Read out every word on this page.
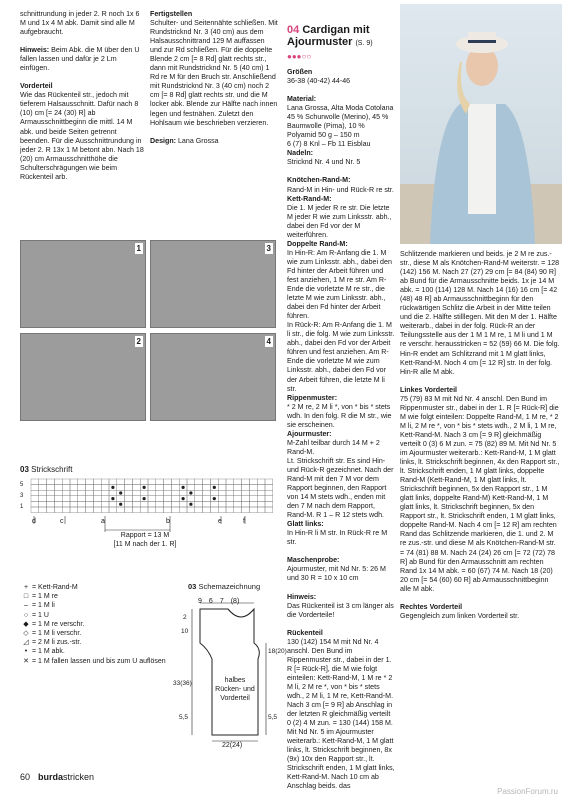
schnittrundung in jeder 2. R noch 1x 6 M und 1x 4 M abk. Damit sind alle M aufgebraucht.

Hinweis: Beim Abk. die M über den U fallen lassen und dafür je 2 Lm einfügen.

Vorderteil

Wie das Rückenteil str., jedoch mit tieferem Halsausschnitt. Dafür nach 8 (10) cm [= 24 (30) R] ab Armausschnittbeginn die mittl. 14 M abk. und beide Seiten getrennt beenden. Für die Ausschnittrundung in jeder 2. R 13x 1 M betont abn. Nach 18 (20) cm Armausschnitthöhe die Schulterschrägungen wie beim Rückenteil arb.

Fertigstellen

Schulter- und Seitennähte schließen. Mit Rundstricknd Nr. 3 (40 cm) aus dem Halsausschnittrand 129 M auffassen und zur Rd schließen. Für die doppelte Blende 2 cm [= 8 Rd] glatt rechts str., dann mit Rundstricknd Nr. 5 (40 cm) 1 Rd re M für den Bruch str. Anschließend mit Rundstricknd Nr. 3 (40 cm) noch 2 cm [= 8 Rd] glatt rechts str. und die M locker abk. Blende zur Hälfte nach innen legen und festnähen. Zuletzt den Hohlsaum wie beschrieben verzieren.

Design: Lana Grossa

1	3
2	4
03 Strickschrift
5
3
1
d	c	a	b	e	f
Rapport = 13 M
[11 M nach der 1. R]
+ = Kett-Rand-M
□ = 1 M re
– = 1 M li
○ = 1 U
◆ = 1 M re verschr.
◇ = 1 M li verschr.
◿ = 2 M li zus.-str.
• = 1 M abk.
✕ = 1 M fallen lassen und bis zum U auflösen
03 Schemazeichnung
9 6 7 (8)
2
10
33(36)
5,5
18(20)
5,5
halbes
Rücken- und
Vorderteil
22(24)
04 Cardigan mit Ajourmuster (S. 9)
●●●○○
Größen

36-38 (40-42) 44-46

Material:
Lana Grossa, Alta Moda Cotolana 45 % Schurwolle (Merino), 45 % Baumwolle (Pima), 10 % Polyamid 50 g – 150 m
6 (7) 8 Knl – Fb 11 Eisblau
Nadeln:

Stricknd Nr. 4 und Nr. 5

Knötchen-Rand-M:
Rand-M in Hin- und Rück-R re str.
Kett-Rand-M:
Die 1. M jeder R re str. Die letzte M jeder R wie zum Linksstr. abh., dabei den Fd vor der M weiterführen.
Doppelte Rand-M:
In Hin-R: Am R-Anfang die 1. M wie zum Linksstr. abh., dabei den Fd hinter der Arbeit führen und fest anziehen, 1 M re str. Am R-Ende die vorletzte M re str., die letzte M wie zum Linksstr. abh., dabei den Fd hinter der Arbeit führen.
In Rück-R: Am R-Anfang die 1. M li str., die folg. M wie zum Linksstr. abh., dabei den Fd vor der Arbeit führen und fest anziehen. Am R-Ende die vorletzte M wie zum Linksstr. abh., dabei den Fd vor der Arbeit führen, die letzte M li str.
Rippenmuster:
* 2 M re, 2 M li *, von * bis * stets wdh. In den folg. R die M str., wie sie erscheinen.
Ajourmuster:
M-Zahl teilbar durch 14 M + 2 Rand-M.
Lt. Strickschrift str. Es sind Hin- und Rück-R gezeichnet. Nach der Rand-M mit den 7 M vor dem Rapport beginnen, den Rapport von 14 M stets wdh., enden mit den 7 M nach dem Rapport, Rand-M. R 1 – R 12 stets wdh.
Glatt links:
In Hin-R li M str. In Rück-R re M str.
Maschenprobe:
Ajourmuster, mit Nd Nr. 5: 26 M und 30 R = 10 x 10 cm
Hinweis:
Das Rückenteil ist 3 cm länger als die Vorderteile!
Rückenteil
130 (142) 154 M mit Nd Nr. 4 anschl. Den Bund im Rippenmuster str., dabei in der 1. R [= Rück-R], die M wie folgt einteilen: Kett-Rand-M, 1 M re * 2 M li, 2 M re *, von * bis * stets wdh., 2 M li, 1 M re, Kett-Rand-M. Nach 3 cm [= 9 R] ab Anschlag in der letzten R gleichmäßig verteilt 0 (2) 4 M zun. = 130 (144) 158 M. Mit Nd Nr. 5 im Ajourmuster weiterarb.: Kett-Rand-M, 1 M glatt links, lt. Strickschrift beginnen, 8x (9x) 10x den Rapport str., lt. Strickschrift enden, 1 M glatt links, Kett-Rand-M. Nach 10 cm ab Anschlag beids. das
Schlitzende markieren und beids. je 2 M re zus.-str., diese M als Knötchen-Rand-M weiterstr. = 128 (142) 156 M. Nach 27 (27) 29 cm [= 84 (84) 90 R] ab Bund für die Armausschnitte beids. 1x je 14 M abk. = 100 (114) 128 M. Nach 14 (16) 16 cm [= 42 (48) 48 R] ab Armausschnittbeginn für den rückwärtigen Schlitz die Arbeit in der Mitte teilen und die 2. Hälfte stilllegen. Mit den M der 1. Hälfte weiterarb., dabei in der folg. Rück-R an der Teilungsstelle aus der 1 M 1 M re, 1 M li und 1 M re verschr. herausstricken = 52 (59) 66 M. Die folg. Hin-R endet am Schlitzrand mit 1 M glatt links, Kett-Rand-M. Noch 4 cm [= 12 R] str. In der folg. Hin-R alle M abk.
Linkes Vorderteil
75 (79) 83 M mit Nd Nr. 4 anschl. Den Bund im Rippenmuster str., dabei in der 1. R [= Rück-R] die M wie folgt einteilen: Doppelte Rand-M, 1 M re, * 2 M li, 2 M re *, von * bis * stets wdh., 2 M li, 1 M re, Kett-Rand-M. Nach 3 cm [= 9 R] gleichmäßig verteilt 0 (3) 6 M zun. = 75 (82) 89 M. Mit Nd Nr. 5 im Ajourmuster weiterarb.: Kett-Rand-M, 1 M glatt links, lt. Strickschrift beginnen, 4x den Rapport str., lt. Strickschrift enden, 1 M glatt links, doppelte Rand-M (Kett-Rand-M, 1 M glatt links, lt. Strickschrift beginnen, 5x den Rapport str., 1 M glatt links, doppelte Rand-M) Kett-Rand-M, 1 M glatt links, lt. Strickschrift beginnen, 5x den Rapport str., lt. Strickschrift enden, 1 M glatt links, doppelte Rand-M. Nach 4 cm [= 12 R] am rechten Rand das Schlitzende markieren, die 1. und 2. M re zus.-str. und diese M als Knötchen-Rand-M str. = 74 (81) 88 M. Nach 24 (24) 26 cm [= 72 (72) 78 R] ab Bund für den Armausschnitt am rechten Rand 1x 14 M abk. = 60 (67) 74 M. Nach 18 (20) 20 cm [= 54 (60) 60 R] ab Armausschnittbeginn alle M abk.
Rechtes Vorderteil
Gegengleich zum linken Vorderteil str.
60 burdastricken
PassionForum.ru
